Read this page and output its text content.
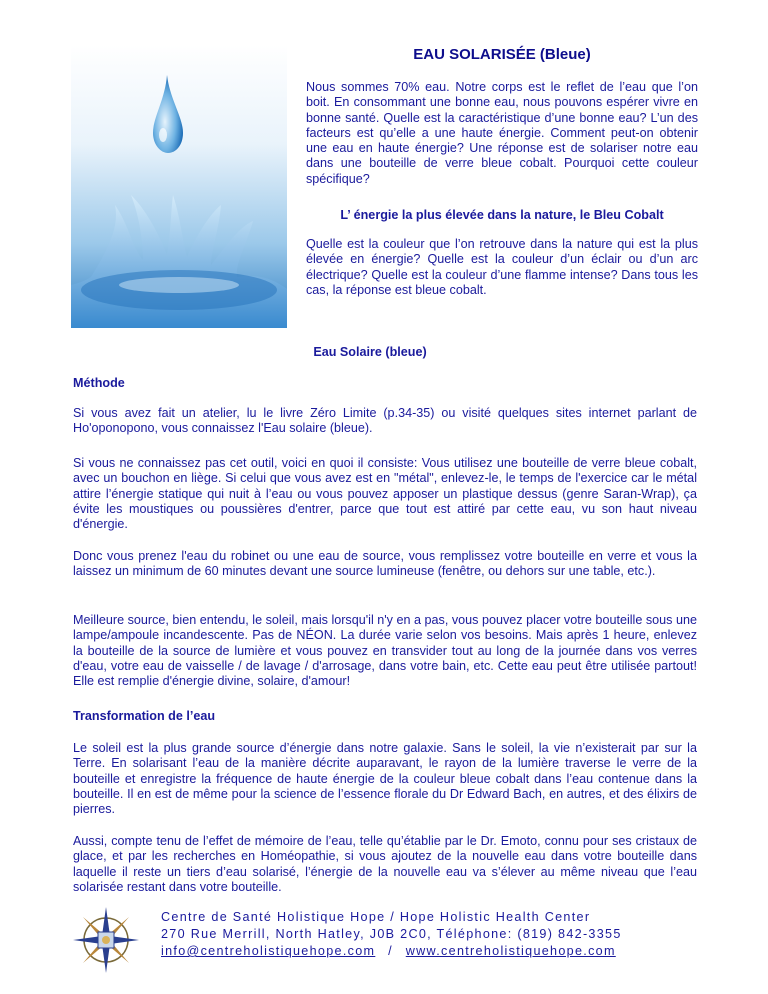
EAU SOLARISÉE (Bleue)

Nous sommes 70% eau. Notre corps est le reflet de l’eau que l’on boit. En consommant une bonne eau, nous pouvons espérer vivre en bonne santé. Quelle est la caractéristique d’une bonne eau? L’un des facteurs est qu’elle a une haute énergie. Comment peut-on obtenir une eau en haute énergie? Une réponse est de solariser notre eau dans une bouteille de verre bleue cobalt. Pourquoi cette couleur spécifique?

L’ énergie la plus élevée dans la nature, le Bleu Cobalt

Quelle est la couleur que l’on retrouve dans la nature qui est la plus élevée en énergie? Quelle est la couleur d’un éclair ou d’un arc électrique? Quelle est la couleur d’une flamme intense? Dans tous les cas, la réponse est bleue cobalt.

Eau Solaire (bleue)
Méthode

Si vous avez fait un atelier, lu le livre Zéro Limite (p.34-35) ou visité quelques sites internet parlant de Ho'oponopono, vous connaissez l'Eau solaire (bleue).

Si vous ne connaissez pas cet outil, voici en quoi il consiste: Vous utilisez une bouteille de verre bleue cobalt, avec un bouchon en liège. Si celui que vous avez est en "métal", enlevez-le, le temps de l'exercice car le métal attire l’énergie statique qui nuit à l’eau ou vous pouvez apposer un plastique dessus (genre Saran-Wrap), ça évite les moustiques ou poussières d'entrer, parce que tout est attiré par cette eau, vu son haut niveau d'énergie.

Donc vous prenez l'eau du robinet ou une eau de source, vous remplissez votre bouteille en verre et vous la laissez un minimum de 60 minutes devant une source lumineuse (fenêtre, ou dehors sur une table, etc.).

Meilleure source, bien entendu, le soleil, mais lorsqu'il n'y en a pas, vous pouvez placer votre bouteille sous une lampe/ampoule incandescente. Pas de NÉON. La durée varie selon vos besoins. Mais après 1 heure, enlevez la bouteille de la source de lumière et vous pouvez en transvider tout au long de la journée dans vos verres d'eau, votre eau de vaisselle / de lavage / d'arrosage, dans votre bain, etc. Cette eau peut être utilisée partout! Elle est remplie d'énergie divine, solaire, d'amour!

Transformation de l’eau

Le soleil est la plus grande source d’énergie dans notre galaxie. Sans le soleil, la vie n’existerait par sur la Terre. En solarisant l’eau de la manière décrite auparavant, le rayon de la lumière traverse le verre de la bouteille et enregistre la fréquence de haute énergie de la couleur bleue cobalt dans l’eau contenue dans la bouteille. Il en est de même pour la science de l’essence florale du Dr Edward Bach, en autres, et des élixirs de pierres.

Aussi, compte tenu de l’effet de mémoire de l’eau, telle qu’établie par le Dr. Emoto, connu pour ses cristaux de glace, et par les recherches en Homéopathie, si vous ajoutez de la nouvelle eau dans votre bouteille dans laquelle il reste un tiers d’eau solarisé, l’énergie de la nouvelle eau va s’élever au même niveau que l’eau solarisée restant dans votre bouteille.

Centre de Santé Holistique Hope / Hope Holistic Health Center
270 Rue Merrill, North Hatley, J0B 2C0, Téléphone: (819) 842-3355
info@centreholistiquehope.com / www.centreholistiquehope.com
